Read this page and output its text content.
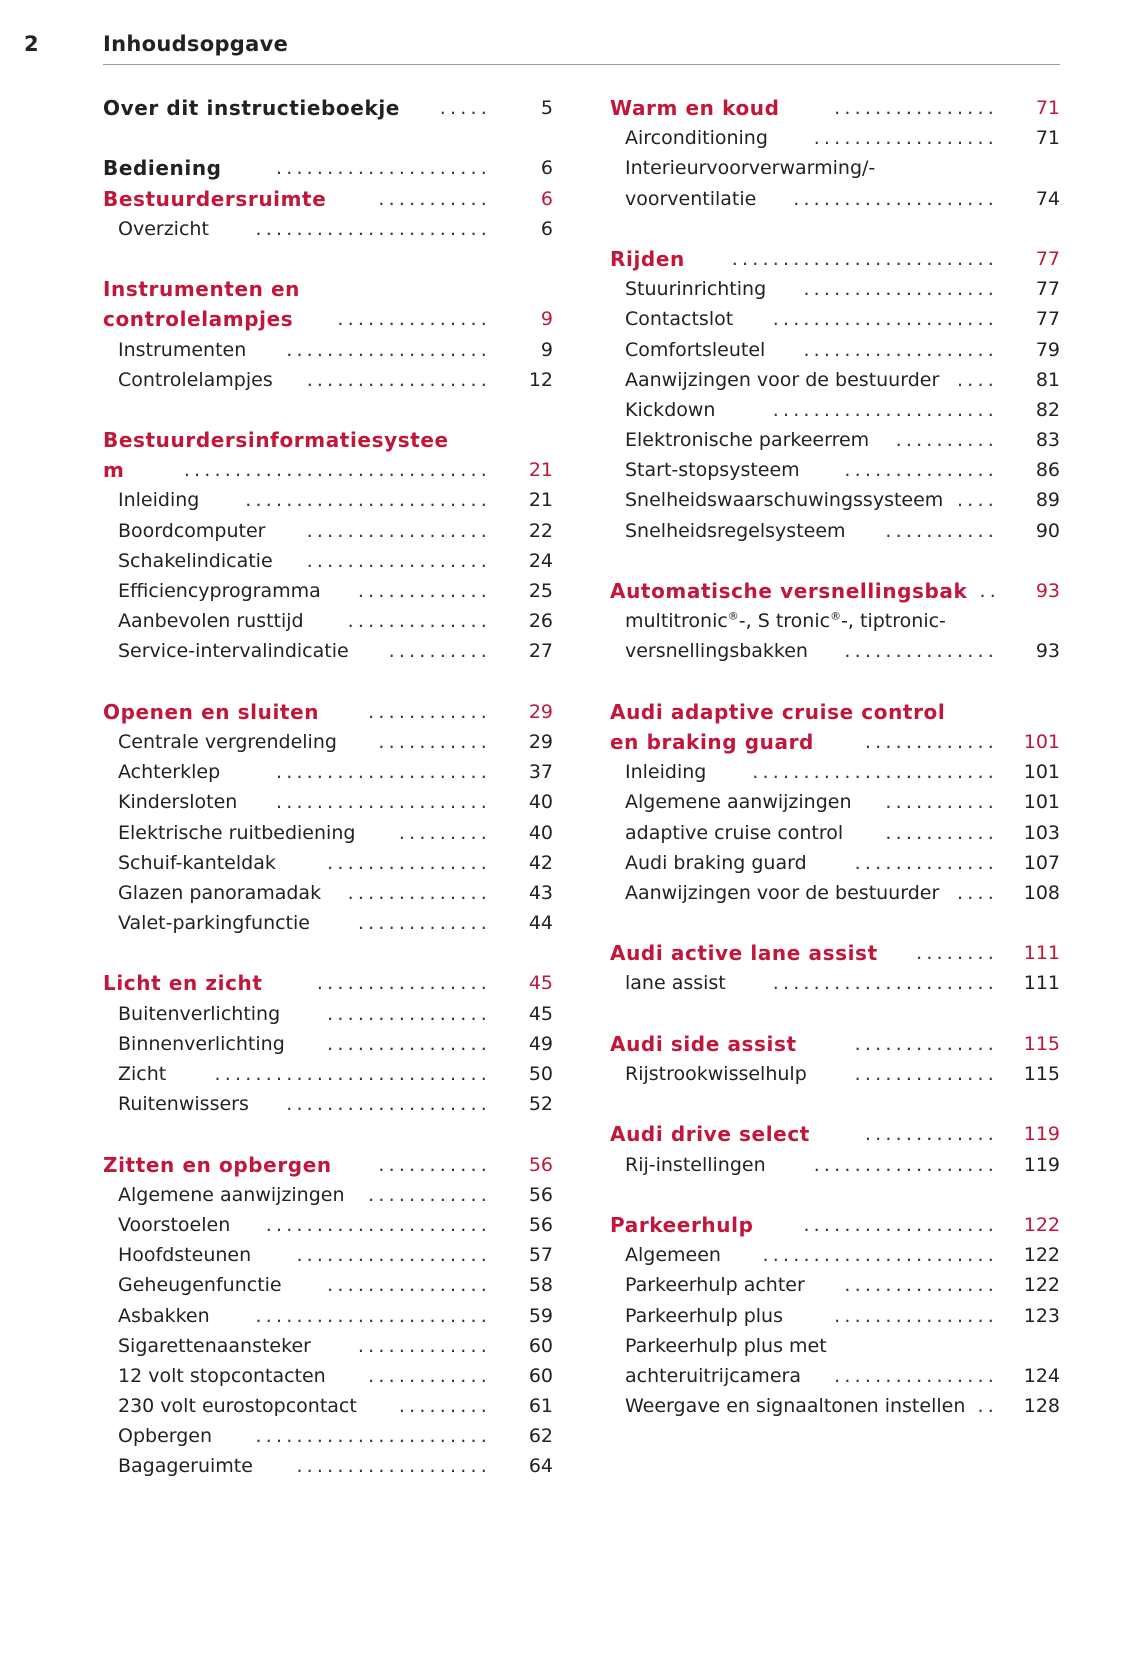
2	Inhoudsopgave
Over dit instructieboekje .....	5
Bediening	.....................	6
Bestuurdersruimte	...........	6
Overzicht .......................	6
Instrumenten en
controlelampjes ...............	9
Instrumenten ....................	9
Controlelampjes .................. 12
Bestuurdersinformatiesystee
m	.............................. 21
Inleiding ........................ 21
Boordcomputer .................. 22
Schakelindicatie .................. 24
Efficiencyprogramma ............. 25
Aanbevolen rusttijd .............. 26
Service-intervalindicatie .......... 27
Openen en sluiten	............ 29
Centrale vergrendeling ........... 29
Achterklep	..................... 37
Kindersloten ..................... 40
Elektrische ruitbediening ......... 40
Schuif-kanteldak	................ 42
Glazen panoramadak .............. 43
Valet-parkingfunctie	............. 44
Licht en zicht	................. 45
Buitenverlichting ................ 45
Binnenverlichting ................ 49
Zicht	........................... 50
Ruitenwissers .................... 52
Zitten en opbergen ........... 56
Algemene aanwijzingen ............ 56
Voorstoelen ...................... 56
Hoofdsteunen ................... 57
Geheugenfunctie ................ 58
Asbakken ....................... 59
Sigarettenaansteker ............. 60
12 volt stopcontacten ............ 60
230 volt eurostopcontact ......... 61
Opbergen ....................... 62
Bagageruimte ................... 64
Warm en koud	................ 71
Airconditioning .................. 71
Interieurvoorverwarming/-
voorventilatie .................... 74
Rijden .......................... 77
Stuurinrichting ................... 77
Contactslot ...................... 77
Comfortsleutel ................... 79
Aanwijzingen voor de bestuurder .... 81
Kickdown	...................... 82
Elektronische parkeerrem .......... 83
Start-stopsysteem ............... 86
Snelheidswaarschuwingssysteem .... 89
Snelheidsregelsysteem ........... 90
Automatische versnellingsbak .. 93
multitronic®-, S tronic®-, tiptronic-
versnellingsbakken ............... 93
Audi adaptive cruise control
en braking guard	............. 101
Inleiding ........................ 101
Algemene aanwijzingen ........... 101
adaptive cruise control ........... 103
Audi braking guard	.............. 107
Aanwijzingen voor de bestuurder .... 108
Audi active lane assist ........ 111
lane assist ...................... 111
Audi side assist	.............. 115
Rijstrookwisselhulp	.............. 115
Audi drive select	............. 119
Rij-instellingen	.................. 119
Parkeerhulp	................... 122
Algemeen ....................... 122
Parkeerhulp achter ............... 122
Parkeerhulp plus	................ 123
Parkeerhulp plus met
achteruitrijcamera ................ 124
Weergave en signaaltonen instellen .. 128
